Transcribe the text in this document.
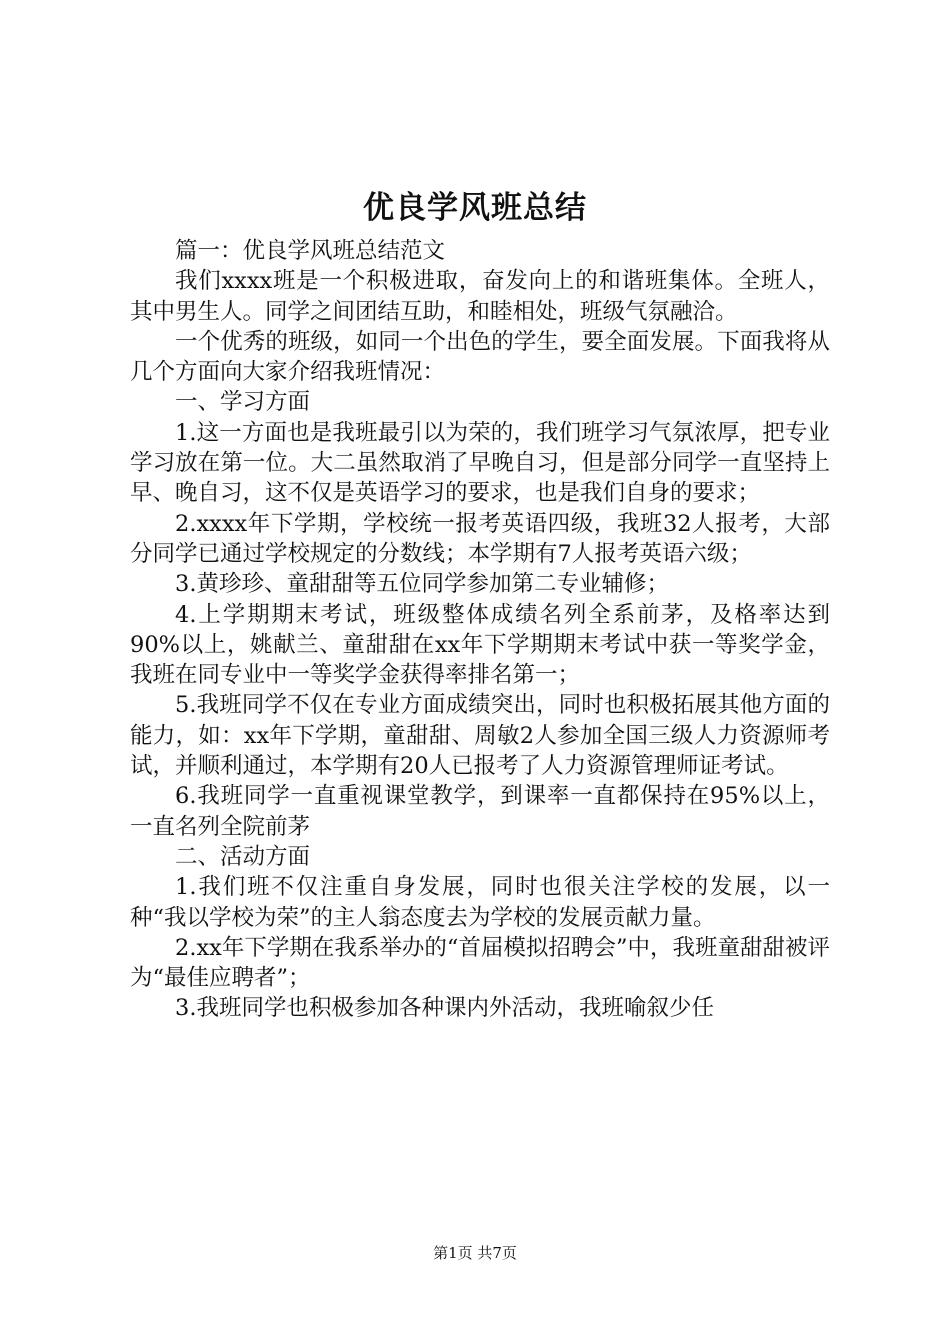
优良学风班总结

篇一：优良学风班总结范文

我们xxxx班是一个积极进取，奋发向上的和谐班集体。全班人，其中男生人。同学之间团结互助，和睦相处，班级气氛融洽。

一个优秀的班级，如同一个出色的学生，要全面发展。下面我将从几个方面向大家介绍我班情况：

一、学习方面

1.这一方面也是我班最引以为荣的，我们班学习气氛浓厚，把专业学习放在第一位。大二虽然取消了早晚自习，但是部分同学一直坚持上早、晚自习，这不仅是英语学习的要求，也是我们自身的要求；

2.xxxx年下学期，学校统一报考英语四级，我班32人报考，大部分同学已通过学校规定的分数线；本学期有7人报考英语六级；

3.黄珍珍、童甜甜等五位同学参加第二专业辅修；

4.上学期期末考试，班级整体成绩名列全系前茅，及格率达到90%以上，姚献兰、童甜甜在xx年下学期期末考试中获一等奖学金，我班在同专业中一等奖学金获得率排名第一；

5.我班同学不仅在专业方面成绩突出，同时也积极拓展其他方面的能力，如：xx年下学期，童甜甜、周敏2人参加全国三级人力资源师考试，并顺利通过，本学期有20人已报考了人力资源管理师证考试。

6.我班同学一直重视课堂教学，到课率一直都保持在95%以上，一直名列全院前茅

二、活动方面

1.我们班不仅注重自身发展，同时也很关注学校的发展，以一种“我以学校为荣”的主人翁态度去为学校的发展贡献力量。

2.xx年下学期在我系举办的“首届模拟招聘会”中，我班童甜甜被评为“最佳应聘者”；

3.我班同学也积极参加各种课内外活动，我班喻叙少任

第1页 共7页
